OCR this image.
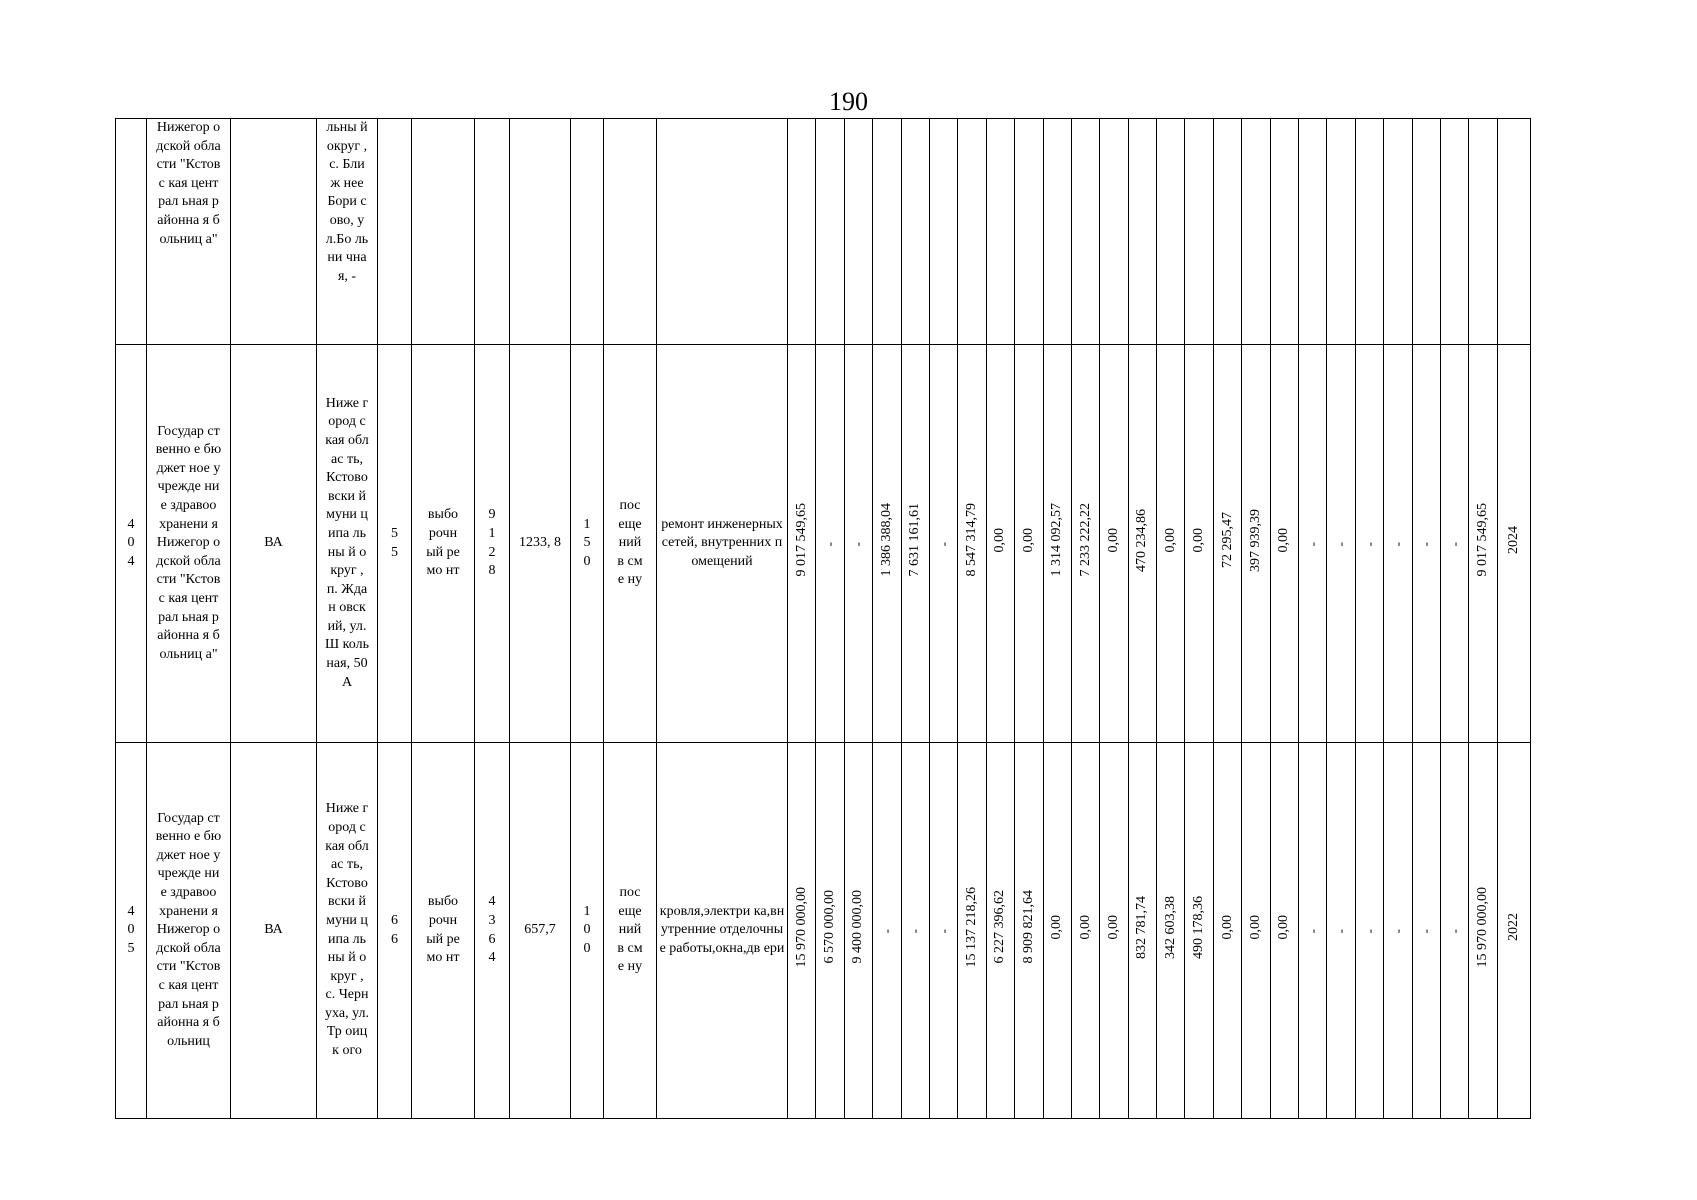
190

	Нижегор одской области "Кстовс кая централ ьная районна я больниц а"		льны й округ , с. Ближ нее Бори сово, ул.Бо льни чная, -																																	

404	Государ ственно е бюджет ное учрежде ние здравоо хранени я Нижегор одской области "Кстовс кая централ ьная районна я больниц а"	ВА	Ниже город ская облас ть, Кстово вски й муни ципа льны й округ , п. Ждан овск ий, ул.Ш коль ная, 50А	55	выбо рочн ый ремо нт	9128	1233, 8	150	пос еще ний в сме ну	ремонт инженерных сетей, внутренних помещений	9 017 549,65	-	-	1 386 388,04	7 631 161,61	-	8 547 314,79	0,00	0,00	1 314 092,57	7 233 222,22	0,00	470 234,86	0,00	0,00	72 295,47	397 939,39	0,00	-	-	-	-	-	-	9 017 549,65	2024

405	Государ ственно е бюджет ное учрежде ние здравоо хранени я Нижегор одской области "Кстовс кая централ ьная районна я больниц	ВА	Ниже город ская облас ть, Кстово вски й муни ципа льны й округ , с. Черн уха, ул.Тр оицк ого	66	выбо рочн ый ремо нт	4364	657,7	100	пос еще ний в сме ну	кровля,электри ка,внутренние отделочные работы,окна,дв ери	15 970 000,00	6 570 000,00	9 400 000,00	-	-	-	15 137 218,26	6 227 396,62	8 909 821,64	0,00	0,00	0,00	832 781,74	342 603,38	490 178,36	0,00	0,00	0,00	-	-	-	-	-	-	15 970 000,00	2022
